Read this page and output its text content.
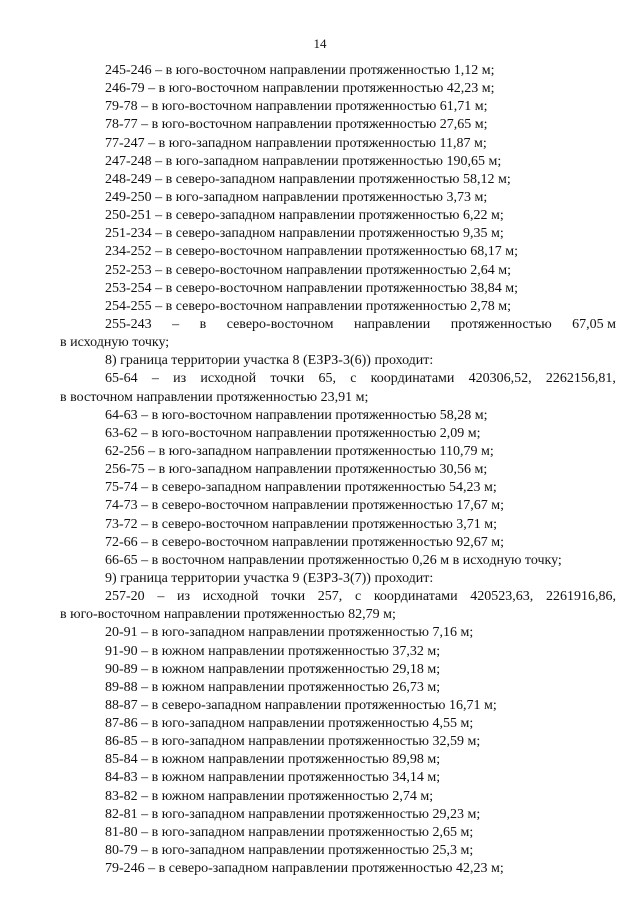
14
245-246 – в юго-восточном направлении протяженностью 1,12 м;
246-79 – в юго-восточном направлении протяженностью 42,23 м;
79-78 – в юго-восточном направлении протяженностью 61,71 м;
78-77 – в юго-восточном направлении протяженностью 27,65 м;
77-247 – в юго-западном направлении протяженностью 11,87 м;
247-248 – в юго-западном направлении протяженностью 190,65 м;
248-249 – в северо-западном направлении протяженностью 58,12 м;
249-250 – в юго-западном направлении протяженностью 3,73 м;
250-251 – в северо-западном направлении протяженностью 6,22 м;
251-234 – в северо-западном направлении протяженностью 9,35 м;
234-252 – в северо-восточном направлении протяженностью 68,17 м;
252-253 – в северо-восточном направлении протяженностью 2,64 м;
253-254 – в северо-восточном направлении протяженностью 38,84 м;
254-255 – в северо-восточном направлении протяженностью 2,78 м;
255-243 – в северо-восточном направлении протяженностью 67,05 м
в исходную точку;
8) граница территории участка 8 (ЕЗРЗ-3(6)) проходит:
65-64 – из исходной точки 65, с координатами 420306,52, 2262156,81,
в восточном направлении протяженностью 23,91 м;
64-63 – в юго-восточном направлении протяженностью 58,28 м;
63-62 – в юго-восточном направлении протяженностью 2,09 м;
62-256 – в юго-западном направлении протяженностью 110,79 м;
256-75 – в юго-западном направлении протяженностью 30,56 м;
75-74 – в северо-западном направлении протяженностью 54,23 м;
74-73 – в северо-восточном направлении протяженностью 17,67 м;
73-72 – в северо-восточном направлении протяженностью 3,71 м;
72-66 – в северо-восточном направлении протяженностью 92,67 м;
66-65 – в восточном направлении протяженностью 0,26 м в исходную точку;
9) граница территории участка 9 (ЕЗРЗ-3(7)) проходит:
257-20 – из исходной точки 257, с координатами 420523,63, 2261916,86,
в юго-восточном направлении протяженностью 82,79 м;
20-91 – в юго-западном направлении протяженностью 7,16 м;
91-90 – в южном направлении протяженностью 37,32 м;
90-89 – в южном направлении протяженностью 29,18 м;
89-88 – в южном направлении протяженностью 26,73 м;
88-87 – в северо-западном направлении протяженностью 16,71 м;
87-86 – в юго-западном направлении протяженностью 4,55 м;
86-85 – в юго-западном направлении протяженностью 32,59 м;
85-84 – в южном направлении протяженностью 89,98 м;
84-83 – в южном направлении протяженностью 34,14 м;
83-82 – в южном направлении протяженностью 2,74 м;
82-81 – в юго-западном направлении протяженностью 29,23 м;
81-80 – в юго-западном направлении протяженностью 2,65 м;
80-79 – в юго-западном направлении протяженностью 25,3 м;
79-246 – в северо-западном направлении протяженностью 42,23 м;
